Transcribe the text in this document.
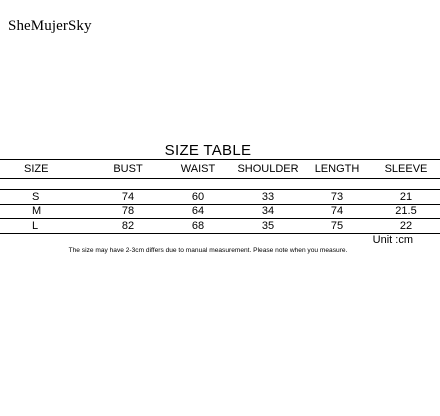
SheMujerSky
SIZE TABLE
SIZE	BUST	WAIST	SHOULDER	LENGTH	SLEEVE

S	74	60	33	73	21
M	78	64	34	74	21.5
L	82	68	35	75	22
Unit :cm
The size may have 2-3cm differs due to manual measurement. Please note when you measure.
